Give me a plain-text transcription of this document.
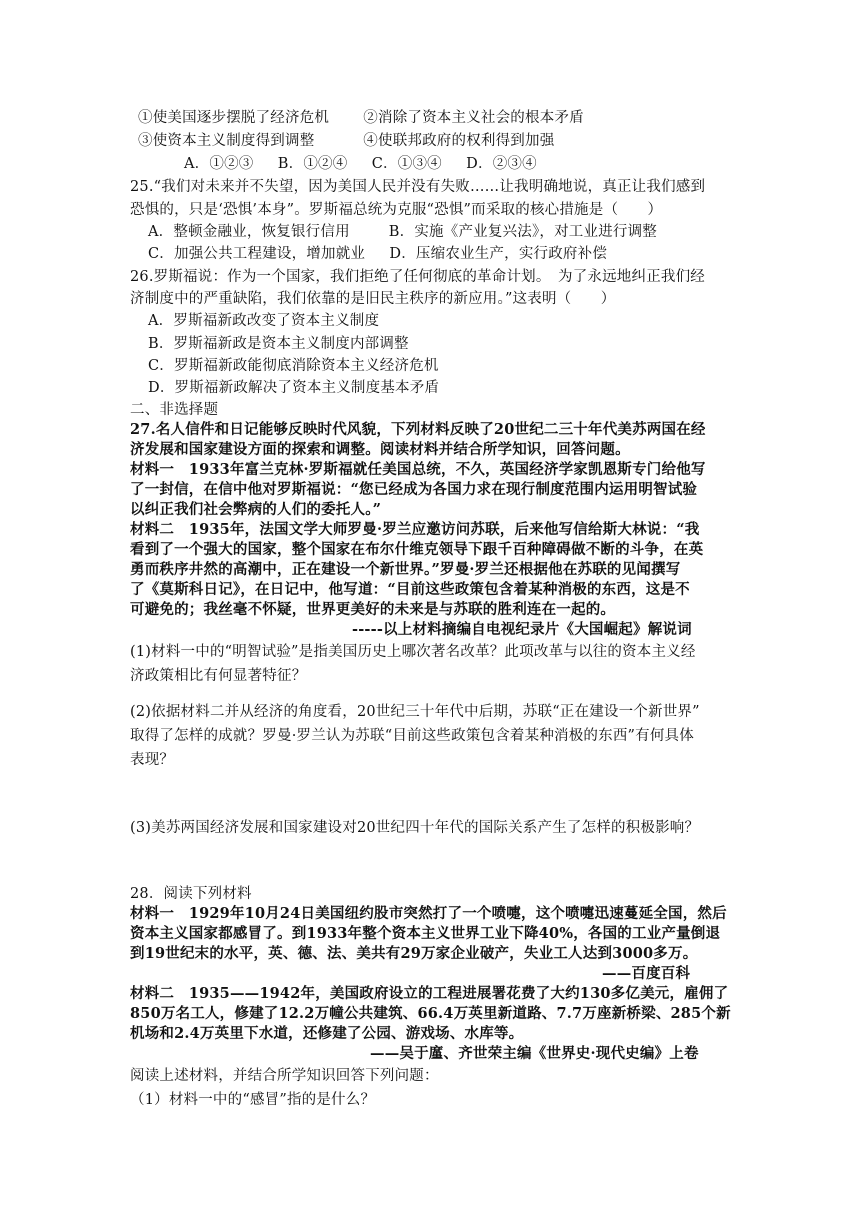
①使美国逐步摆脱了经济危机 　　②消除了资本主义社会的根本矛盾
③使资本主义制度得到调整 　　　④使联邦政府的权利得到加强
A．①②③ 　 B．①②④ 　 C．①③④ 　 D．②③④
25.“我们对未来并不失望，因为美国人民并没有失败……让我明确地说，真正让我们感到
恐惧的，只是‘恐惧’本身”。罗斯福总统为克服“恐惧”而采取的核心措施是（　　）
A．整顿金融业，恢复银行信用 　　 B．实施《产业复兴法》，对工业进行调整
C．加强公共工程建设，增加就业 　 D．压缩农业生产，实行政府补偿
26.罗斯福说：作为一个国家，我们拒绝了任何彻底的革命计划。　为了永远地纠正我们经
济制度中的严重缺陷，我们依靠的是旧民主秩序的新应用。”这表明（　　）
A．罗斯福新政改变了资本主义制度
B．罗斯福新政是资本主义制度内部调整
C．罗斯福新政能彻底消除资本主义经济危机
D．罗斯福新政解决了资本主义制度基本矛盾
二、非选择题
27.名人信件和日记能够反映时代风貌，下列材料反映了20世纪二三十年代美苏两国在经
济发展和国家建设方面的探索和调整。阅读材料并结合所学知识，回答问题。
材料一　1933年富兰克林·罗斯福就任美国总统，不久，英国经济学家凯恩斯专门给他写
了一封信，在信中他对罗斯福说：“您已经成为各国力求在现行制度范围内运用明智试验
以纠正我们社会弊病的人们的委托人。”
材料二　1935年，法国文学大师罗曼·罗兰应邀访问苏联，后来他写信给斯大林说：“我
看到了一个强大的国家，整个国家在布尔什维克领导下跟千百种障碍做不断的斗争，在英
勇而秩序井然的高潮中，正在建设一个新世界。”罗曼·罗兰还根据他在苏联的见闻撰写
了《莫斯科日记》，在日记中，他写道：“目前这些政策包含着某种消极的东西，这是不
可避免的；我丝毫不怀疑，世界更美好的未来是与苏联的胜利连在一起的。
-----以上材料摘编自电视纪录片《大国崛起》解说词
(1)材料一中的“明智试验”是指美国历史上哪次著名改革？此项改革与以往的资本主义经
济政策相比有何显著特征？
(2)依据材料二并从经济的角度看，20世纪三十年代中后期，苏联“正在建设一个新世界”
取得了怎样的成就？罗曼·罗兰认为苏联“目前这些政策包含着某种消极的东西”有何具体
表现？
(3)美苏两国经济发展和国家建设对20世纪四十年代的国际关系产生了怎样的积极影响？
28．阅读下列材料
材料一　1929年10月24日美国纽约股市突然打了一个喷嚏，这个喷嚏迅速蔓延全国，然后
资本主义国家都感冒了。到1933年整个资本主义世界工业下降40%，各国的工业产量倒退
到19世纪末的水平，英、德、法、美共有29万家企业破产，失业工人达到3000多万。
——百度百科
材料二　1935——1942年，美国政府设立的工程进展署花费了大约130多亿美元，雇佣了
850万名工人，修建了12.2万幢公共建筑、66.4万英里新道路、7.7万座新桥梁、285个新
机场和2.4万英里下水道，还修建了公园、游戏场、水库等。
——吴于廑、齐世荣主编《世界史·现代史编》上卷
阅读上述材料，并结合所学知识回答下列问题：
（1）材料一中的“感冒”指的是什么？
